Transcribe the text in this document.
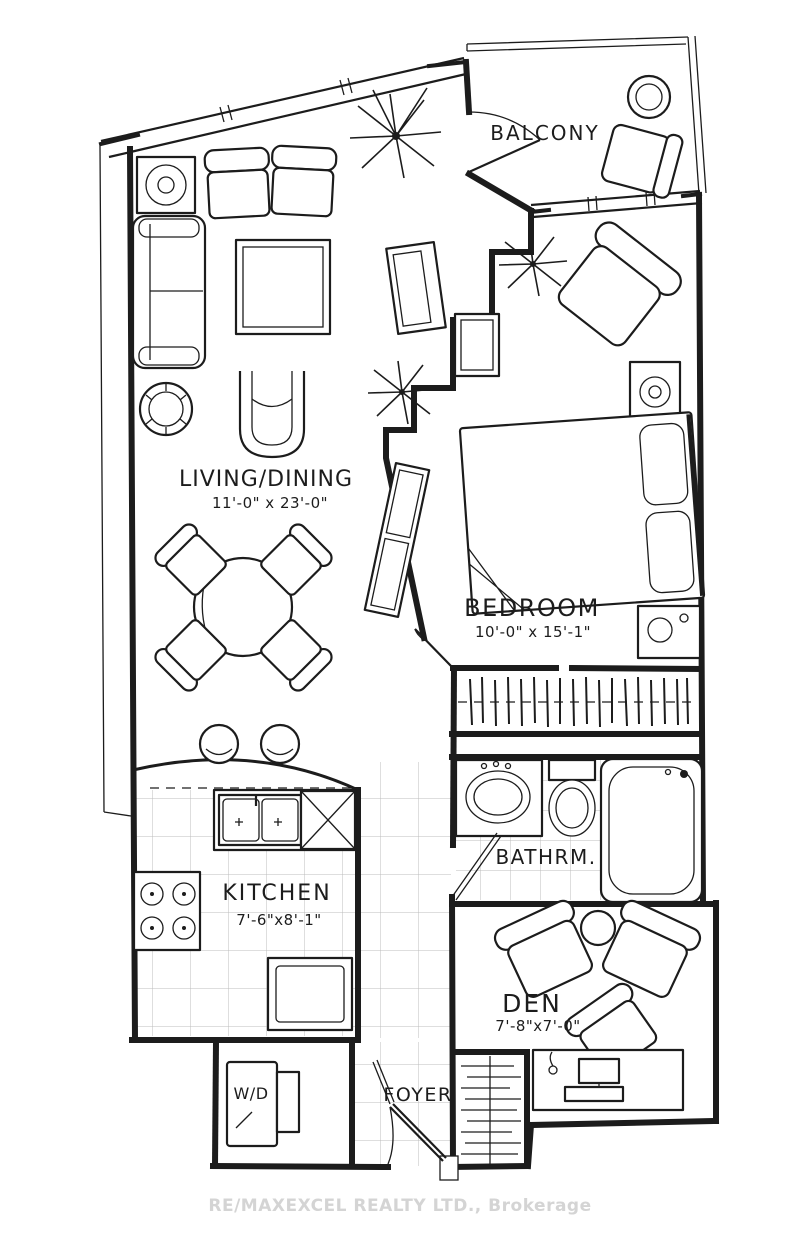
BALCONY
LIVING/DINING
11'-0" x 23'-0"
BEDROOM
10'-0" x 15'-1"
BATHRM.
KITCHEN
7'-6"x8'-1"
DEN
7'-8"x7'-0"
W/D	FOYER
RE/MAXEXCEL REALTY LTD., Brokerage
